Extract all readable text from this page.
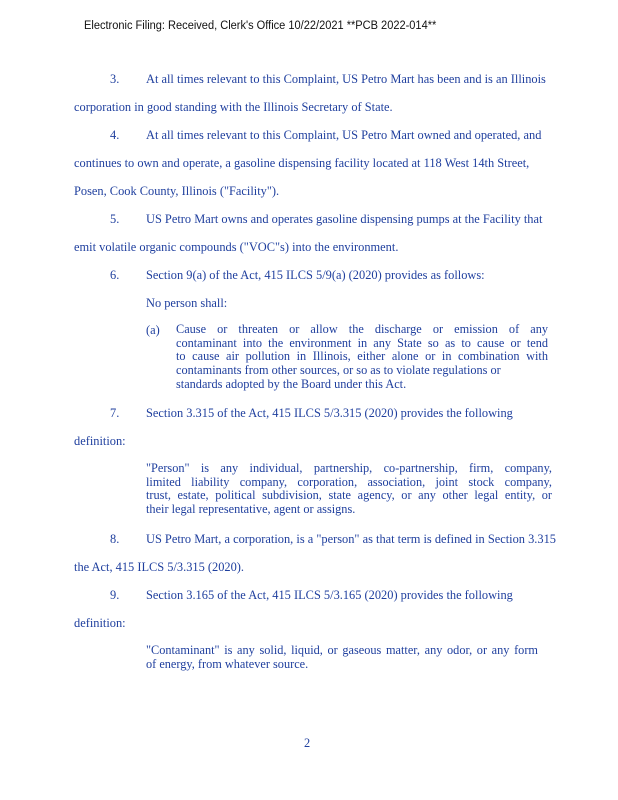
Electronic Filing: Received, Clerk's Office 10/22/2021 **PCB 2022-014**
3. At all times relevant to this Complaint, US Petro Mart has been and is an Illinois
corporation in good standing with the Illinois Secretary of State.
4. At all times relevant to this Complaint, US Petro Mart owned and operated, and
continues to own and operate, a gasoline dispensing facility located at 118 West 14th Street,
Posen, Cook County, Illinois ("Facility").
5. US Petro Mart owns and operates gasoline dispensing pumps at the Facility that
emit volatile organic compounds ("VOC"s) into the environment.
6. Section 9(a) of the Act, 415 ILCS 5/9(a) (2020) provides as follows:
No person shall:
(a) Cause or threaten or allow the discharge or emission of any

contaminant into the environment in any State so as to cause or tend

to cause air pollution in Illinois, either alone or in combination with

contaminants from other sources, or so as to violate regulations or

standards adopted by the Board under this Act.

7. Section 3.315 of the Act, 415 ILCS 5/3.315 (2020) provides the following
definition:

"Person" is any individual, partnership, co-partnership, firm, company,

limited liability company, corporation, association, joint stock company,

trust, estate, political subdivision, state agency, or any other legal entity, or

their legal representative, agent or assigns.

8. US Petro Mart, a corporation, is a "person" as that term is defined in Section 3.315
the Act, 415 ILCS 5/3.315 (2020).
9. Section 3.165 of the Act, 415 ILCS 5/3.165 (2020) provides the following
definition:

"Contaminant" is any solid, liquid, or gaseous matter, any odor, or any form

of energy, from whatever source.

2
